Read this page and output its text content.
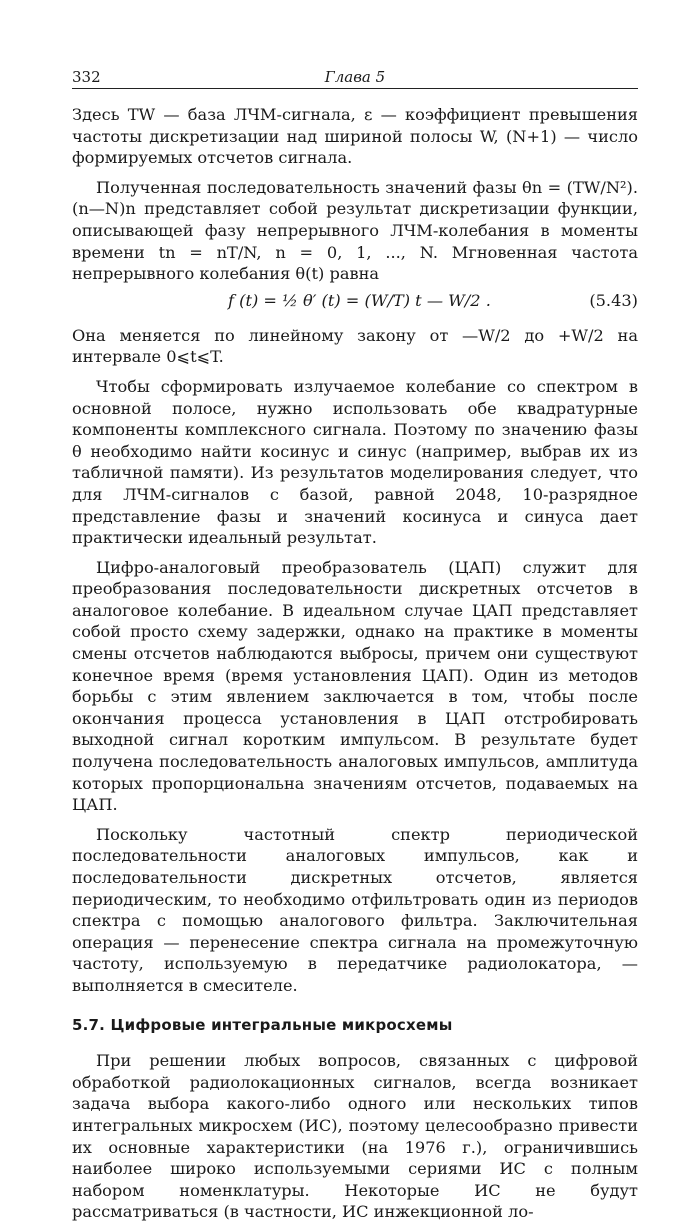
332	Глава 5

Здесь TW — база ЛЧМ-сигнала, ε — коэффициент превышения частоты дискретизации над шириной полосы W, (N+1) — число формируемых отсчетов сигнала.

Полученная последовательность значений фазы θn = (TW/N²). (n—N)n представляет собой результат дискретизации функции, описывающей фазу непрерывного ЛЧМ-колебания в моменты времени tn = nT/N, n = 0, 1, ..., N. Мгновенная частота непрерывного колебания θ(t) равна

f (t) = ½ θ′ (t) = (W/T) t — W/2 .	(5.43)

Она меняется по линейному закону от —W/2 до +W/2 на интервале 0⩽t⩽T.

Чтобы сформировать излучаемое колебание со спектром в основной полосе, нужно использовать обе квадратурные компоненты комплексного сигнала. Поэтому по значению фазы θ необходимо найти косинус и синус (например, выбрав их из табличной памяти). Из результатов моделирования следует, что для ЛЧМ-сигналов с базой, равной 2048, 10-разрядное представление фазы и значений косинуса и синуса дает практически идеальный результат.

Цифро-аналоговый преобразователь (ЦАП) служит для преобразования последовательности дискретных отсчетов в аналоговое колебание. В идеальном случае ЦАП представляет собой просто схему задержки, однако на практике в моменты смены отсчетов наблюдаются выбросы, причем они существуют конечное время (время установления ЦАП). Один из методов борьбы с этим явлением заключается в том, чтобы после окончания процесса установления в ЦАП отстробировать выходной сигнал коротким импульсом. В результате будет получена последовательность аналоговых импульсов, амплитуда которых пропорциональна значениям отсчетов, подаваемых на ЦАП.

Поскольку частотный спектр периодической последовательности аналоговых импульсов, как и последовательности дискретных отсчетов, является периодическим, то необходимо отфильтровать один из периодов спектра с помощью аналогового фильтра. Заключительная операция — перенесение спектра сигнала на промежуточную частоту, используемую в передатчике радиолокатора, — выполняется в смесителе.

5.7. Цифровые интегральные микросхемы

При решении любых вопросов, связанных с цифровой обработкой радиолокационных сигналов, всегда возникает задача выбора какого-либо одного или нескольких типов интегральных микросхем (ИС), поэтому целесообразно привести их основные характеристики (на 1976 г.), ограничившись наиболее широко используемыми сериями ИС с полным набором номенклатуры. Некоторые ИС не будут рассматриваться (в частности, ИС инжекционной ло-
